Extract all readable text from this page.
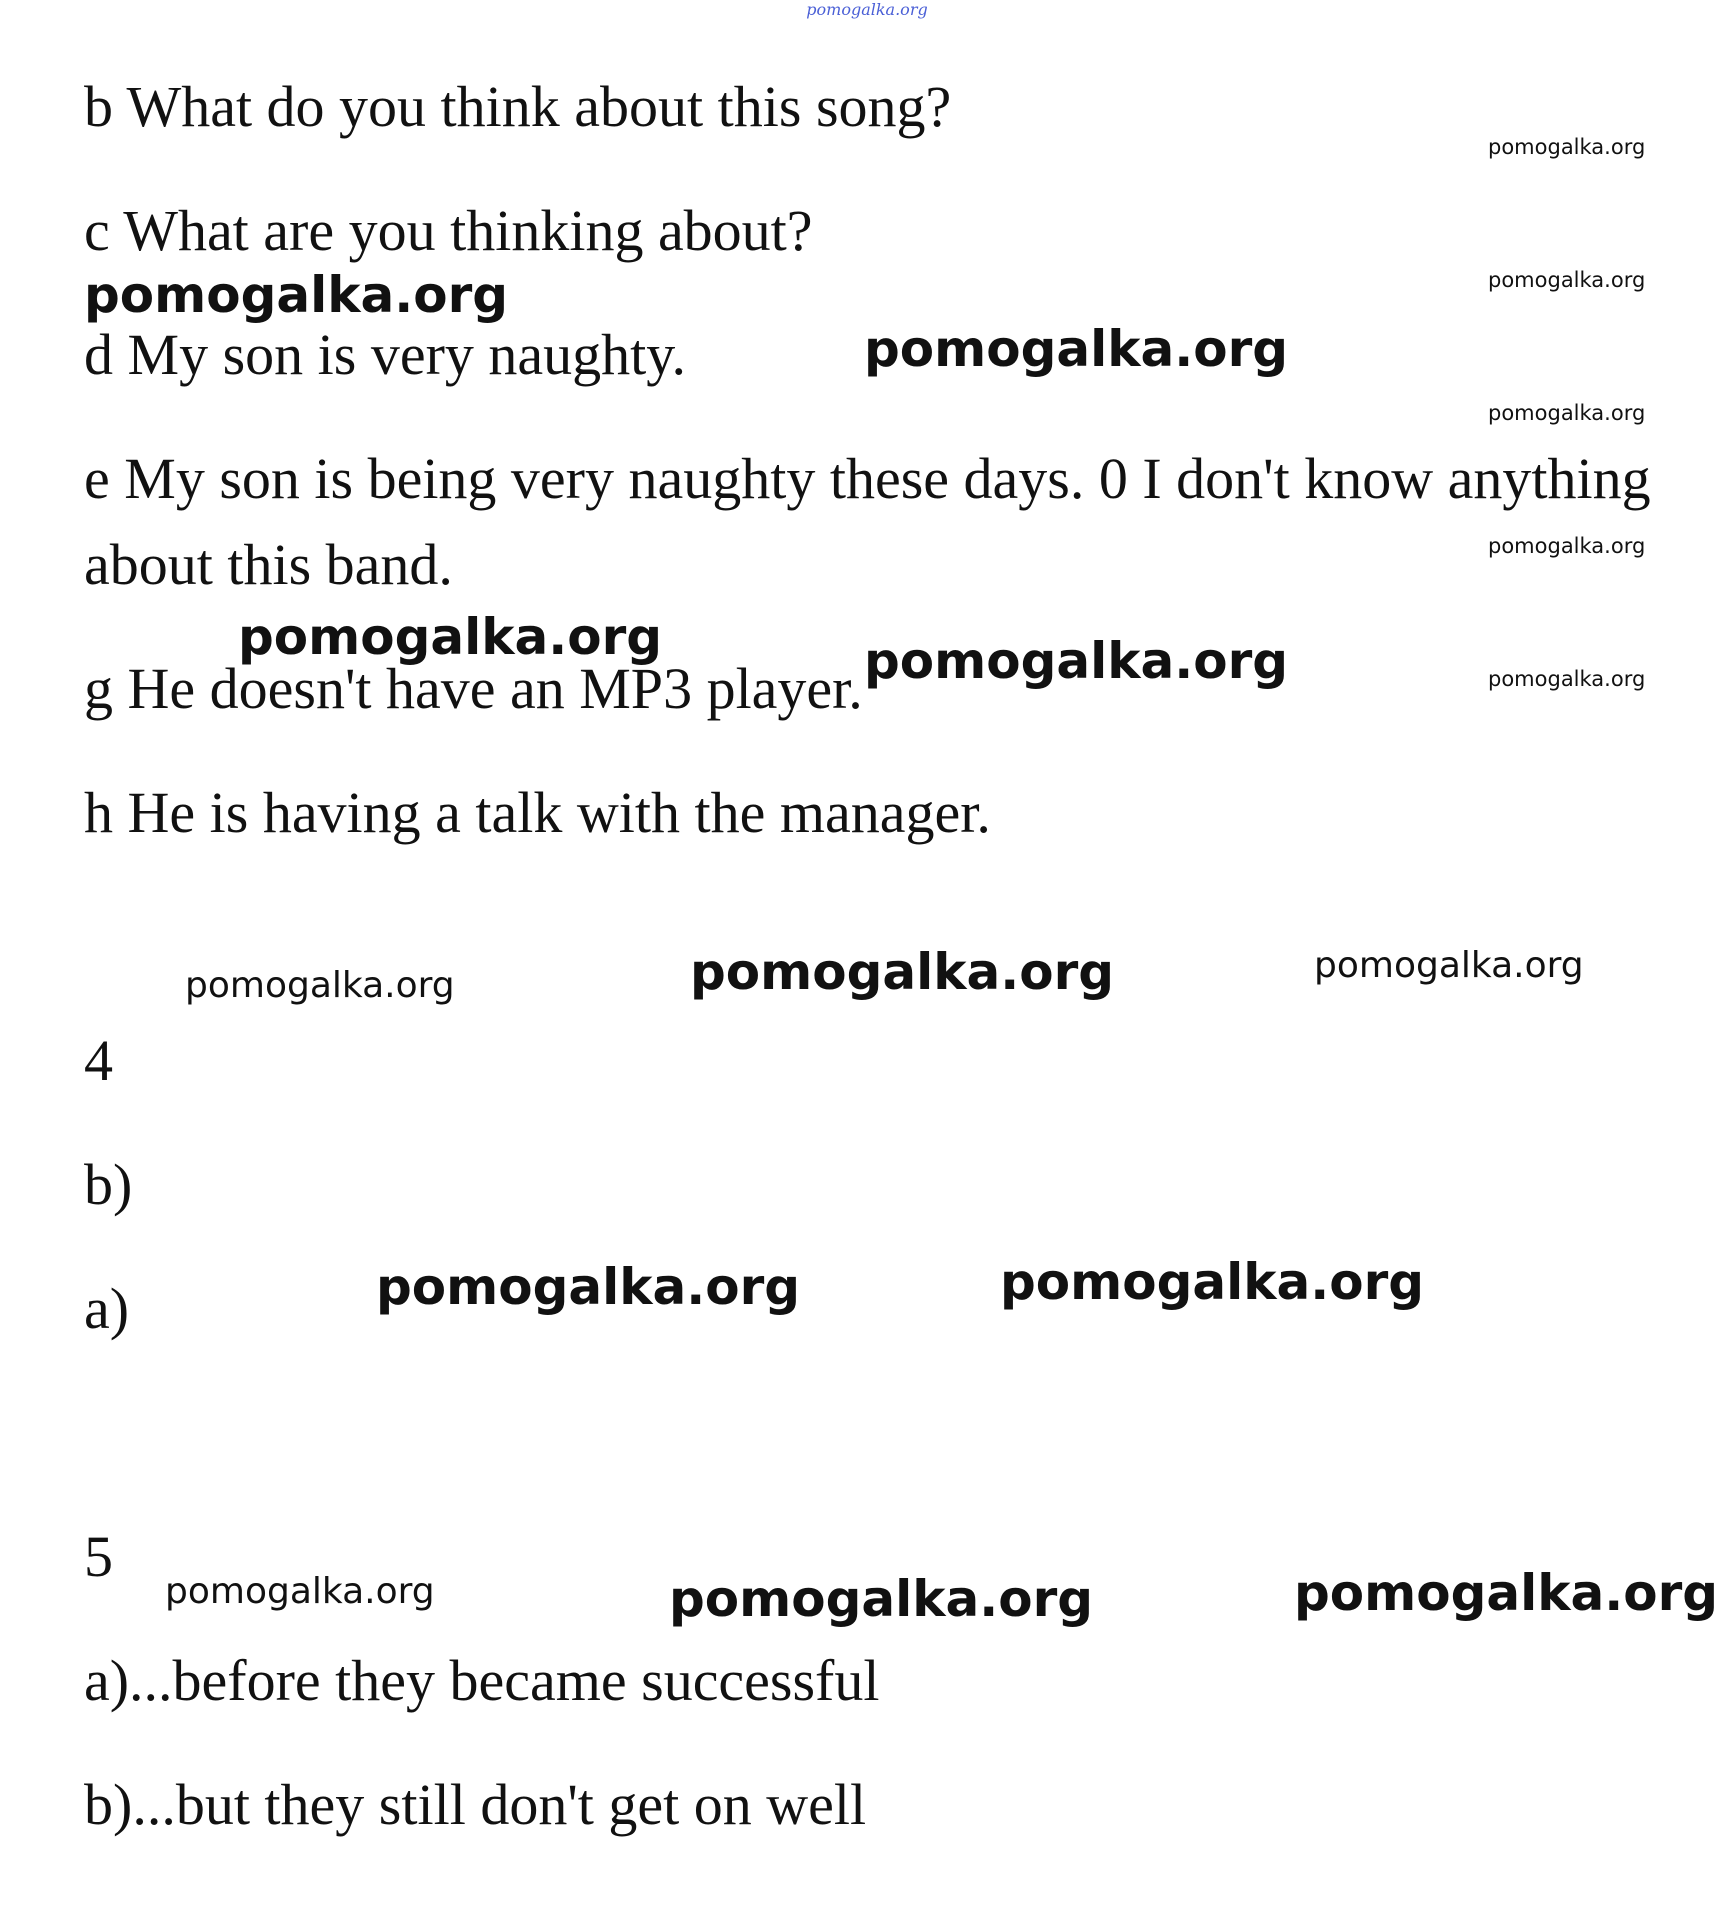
pomogalka.org
b What do you think about this song?
c What are you thinking about?
d My son is very naughty.
e My son is being very naughty these days. 0 I don't know anything
about this band.
g He doesn't have an MP3 player.
h He is having a talk with the manager.
4
b)
a)
5
a)...before they became successful
b)...but they still don't get on well
pomogalka.org
pomogalka.org
pomogalka.org
pomogalka.org
pomogalka.org
pomogalka.org
pomogalka.org
pomogalka.org	pomogalka.org
pomogalka.org
pomogalka.org	pomogalka.org
pomogalka.org	pomogalka.org
pomogalka.org	pomogalka.org
pomogalka.org
